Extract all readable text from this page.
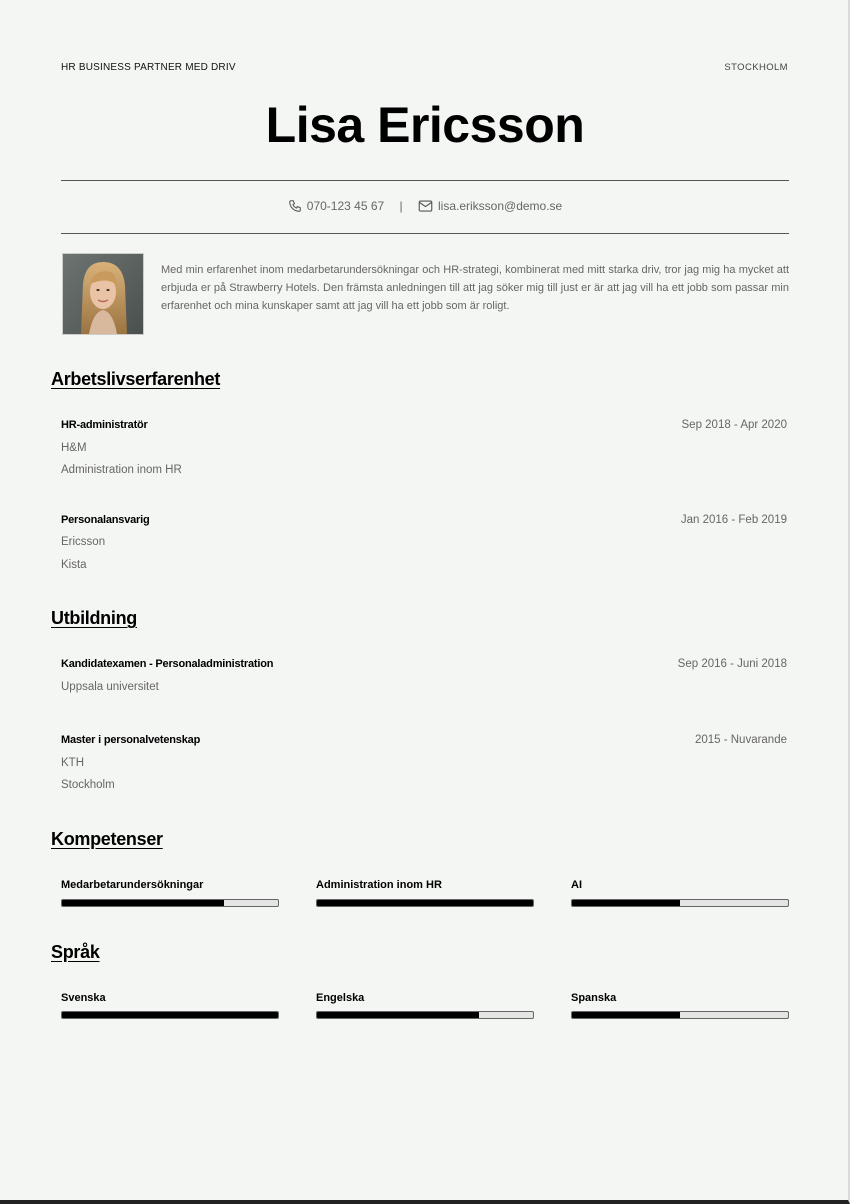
HR BUSINESS PARTNER MED DRIV	STOCKHOLM
Lisa Ericsson
070-123 45 67 |	lisa.eriksson@demo.se
Med min erfarenhet inom medarbetarundersökningar och HR-strategi, kombinerat med mitt starka driv, tror jag mig ha mycket att erbjuda er på Strawberry Hotels. Den främsta anledningen till att jag söker mig till just er är att jag vill ha ett jobb som passar min erfarenhet och mina kunskaper samt att jag vill ha ett jobb som är roligt.
Arbetslivserfarenhet
HR-administratör	Sep 2018 - Apr 2020
H&M
Administration inom HR
Personalansvarig	Jan 2016 - Feb 2019
Ericsson
Kista
Utbildning
Kandidatexamen - Personaladministration	Sep 2016 - Juni 2018
Uppsala universitet
Master i personalvetenskap	2015 - Nuvarande
KTH
Stockholm
Kompetenser
Medarbetarundersökningar	Administration inom HR	AI
Språk
Svenska	Engelska	Spanska
